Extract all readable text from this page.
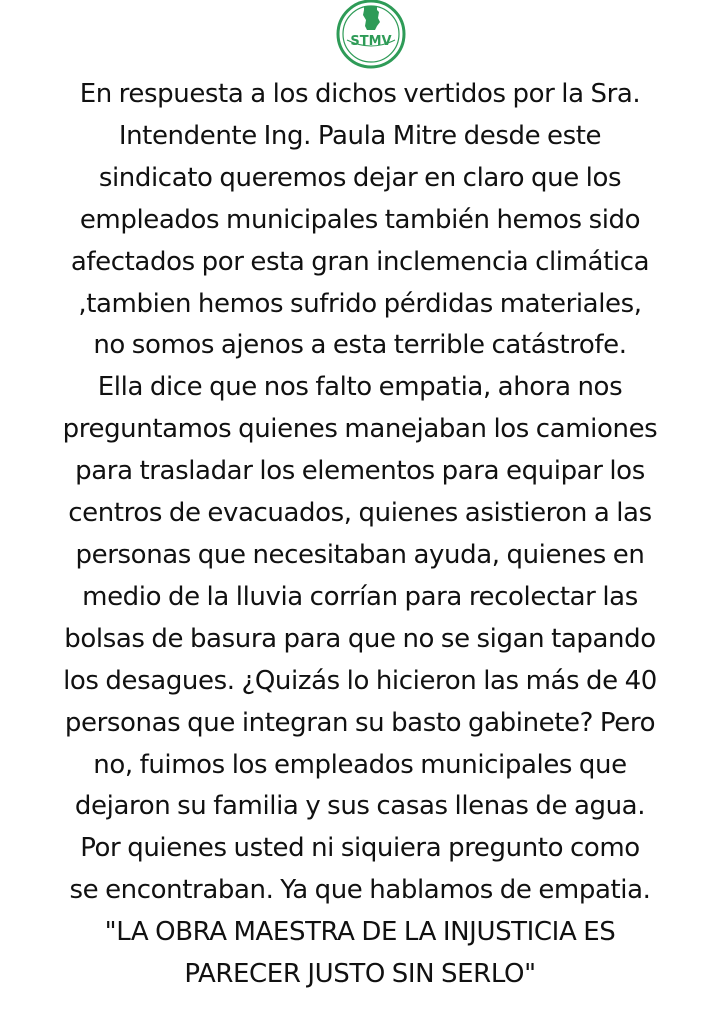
STMV
En respuesta a los dichos vertidos por la Sra.
Intendente Ing. Paula Mitre desde este
sindicato queremos dejar en claro que los
empleados municipales también hemos sido
afectados por esta gran inclemencia climática
,tambien hemos sufrido pérdidas materiales,
no somos ajenos a esta terrible catástrofe.
Ella dice que nos falto empatia, ahora nos
preguntamos quienes manejaban los camiones
para trasladar los elementos para equipar los
centros de evacuados, quienes asistieron a las
personas que necesitaban ayuda, quienes en
medio de la lluvia corrían para recolectar las
bolsas de basura para que no se sigan tapando
los desagues. ¿Quizás lo hicieron las más de 40
personas que integran su basto gabinete? Pero
no, fuimos los empleados municipales que
dejaron su familia y sus casas llenas de agua.
Por quienes usted ni siquiera pregunto como
se encontraban. Ya que hablamos de empatia.
"LA OBRA MAESTRA DE LA INJUSTICIA ES
PARECER JUSTO SIN SERLO"
